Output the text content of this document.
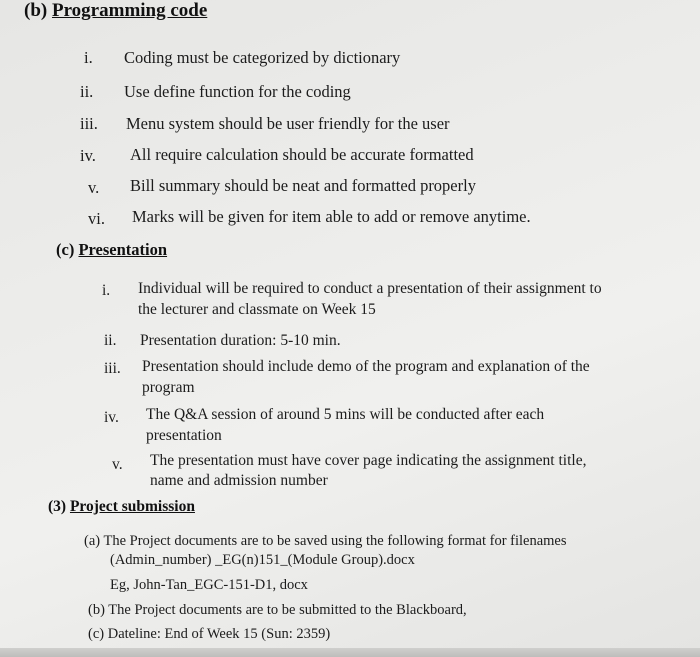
(b) Programming code
i. Coding must be categorized by dictionary
ii. Use define function for the coding
iii. Menu system should be user friendly for the user
iv. All require calculation should be accurate formatted
v. Bill summary should be neat and formatted properly
vi. Marks will be given for item able to add or remove anytime.
(c) Presentation
i. Individual will be required to conduct a presentation of their assignment to
the lecturer and classmate on Week 15
ii. Presentation duration: 5-10 min.
iii. Presentation should include demo of the program and explanation of the
program
iv. The Q&A session of around 5 mins will be conducted after each
presentation
v. The presentation must have cover page indicating the assignment title,
name and admission number
(3) Project submission
(a) The Project documents are to be saved using the following format for filenames
(Admin_number) _EG(n)151_(Module Group).docx
Eg, John-Tan_EGC-151-D1, docx
(b) The Project documents are to be submitted to the Blackboard,
(c) Dateline: End of Week 15 (Sun: 2359)
